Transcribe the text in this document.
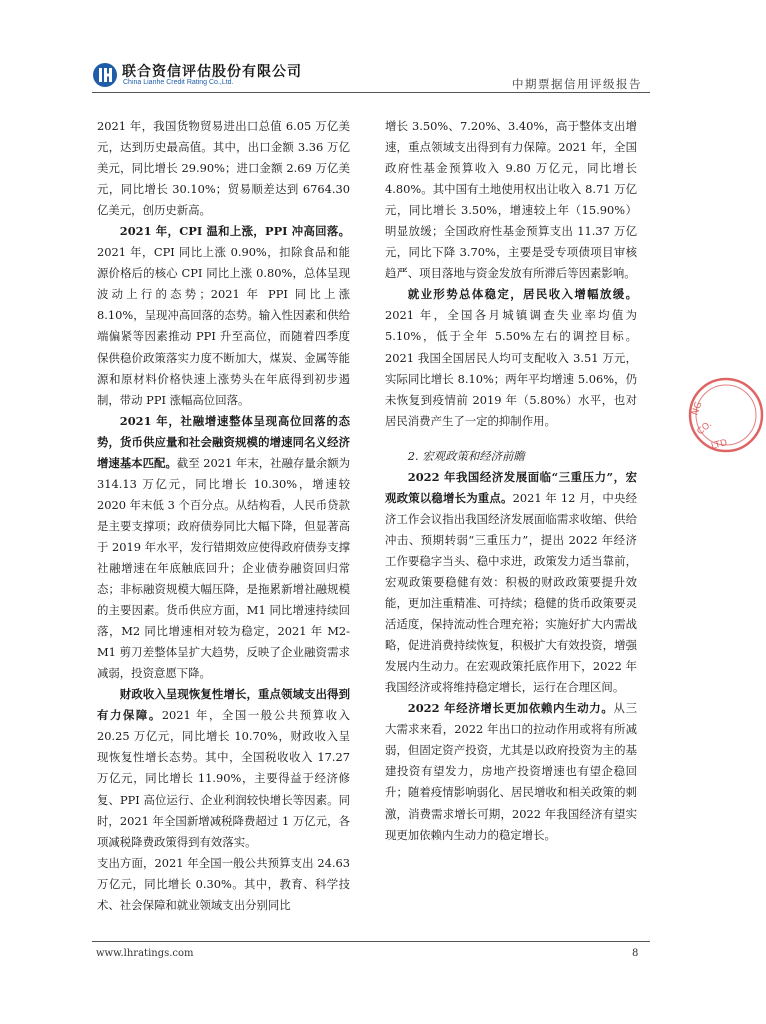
联合资信评估股份有限公司
China Lianhe Credit Rating Co.,Ltd.	中期票据信用评级报告

2021 年，我国货物贸易进出口总值 6.05 万亿美元，达到历史最高值。其中，出口金额 3.36 万亿美元，同比增长 29.90%；进口金额 2.69 万亿美元，同比增长 30.10%；贸易顺差达到 6764.30 亿美元，创历史新高。

2021 年，CPI 温和上涨，PPI 冲高回落。2021 年，CPI 同比上涨 0.90%，扣除食品和能源价格后的核心 CPI 同比上涨 0.80%，总体呈现波动上行的态势；2021 年 PPI 同比上涨 8.10%，呈现冲高回落的态势。输入性因素和供给端偏紧等因素推动 PPI 升至高位，而随着四季度保供稳价政策落实力度不断加大，煤炭、金属等能源和原材料价格快速上涨势头在年底得到初步遏制，带动 PPI 涨幅高位回落。

2021 年，社融增速整体呈现高位回落的态势，货币供应量和社会融资规模的增速同名义经济增速基本匹配。截至 2021 年末，社融存量余额为 314.13 万亿元，同比增长 10.30%，增速较 2020 年末低 3 个百分点。从结构看，人民币贷款是主要支撑项；政府债券同比大幅下降，但显著高于 2019 年水平，发行错期效应使得政府债券支撑社融增速在年底触底回升；企业债券融资回归常态；非标融资规模大幅压降，是拖累新增社融规模的主要因素。货币供应方面，M1 同比增速持续回落，M2 同比增速相对较为稳定，2021 年 M2-M1 剪刀差整体呈扩大趋势，反映了企业融资需求减弱，投资意愿下降。

财政收入呈现恢复性增长，重点领域支出得到有力保障。2021 年，全国一般公共预算收入 20.25 万亿元，同比增长 10.70%，财政收入呈现恢复性增长态势。其中，全国税收收入 17.27 万亿元，同比增长 11.90%，主要得益于经济修复、PPI 高位运行、企业利润较快增长等因素。同时，2021 年全国新增减税降费超过 1 万亿元，各项减税降费政策得到有效落实。

支出方面，2021 年全国一般公共预算支出 24.63 万亿元，同比增长 0.30%。其中，教育、科学技术、社会保障和就业领域支出分别同比

增长 3.50%、7.20%、3.40%，高于整体支出增速，重点领域支出得到有力保障。2021 年，全国政府性基金预算收入 9.80 万亿元，同比增长 4.80%。其中国有土地使用权出让收入 8.71 万亿元，同比增长 3.50%，增速较上年（15.90%）明显放缓；全国政府性基金预算支出 11.37 万亿元，同比下降 3.70%，主要是受专项债项目审核趋严、项目落地与资金发放有所滞后等因素影响。

就业形势总体稳定，居民收入增幅放缓。2021 年，全国各月城镇调查失业率均值为 5.10%，低于全年 5.50%左右的调控目标。2021 我国全国居民人均可支配收入 3.51 万元，实际同比增长 8.10%；两年平均增速 5.06%，仍未恢复到疫情前 2019 年（5.80%）水平，也对居民消费产生了一定的抑制作用。

2. 宏观政策和经济前瞻

2022 年我国经济发展面临“三重压力”，宏观政策以稳增长为重点。2021 年 12 月，中央经济工作会议指出我国经济发展面临需求收缩、供给冲击、预期转弱“三重压力”，提出 2022 年经济工作要稳字当头、稳中求进，政策发力适当靠前，宏观政策要稳健有效：积极的财政政策要提升效能，更加注重精准、可持续；稳健的货币政策要灵活适度，保持流动性合理充裕；实施好扩大内需战略，促进消费持续恢复，积极扩大有效投资，增强发展内生动力。在宏观政策托底作用下，2022 年我国经济或将维持稳定增长，运行在合理区间。

2022 年经济增长更加依赖内生动力。从三大需求来看，2022 年出口的拉动作用或将有所减弱，但固定资产投资，尤其是以政府投资为主的基建投资有望发力，房地产投资增速也有望企稳回升；随着疫情影响弱化、居民增收和相关政策的刺激，消费需求增长可期，2022 年我国经济有望实现更加依赖内生动力的稳定增长。

NG
CO.
LTD
www.lhratings.com	8
